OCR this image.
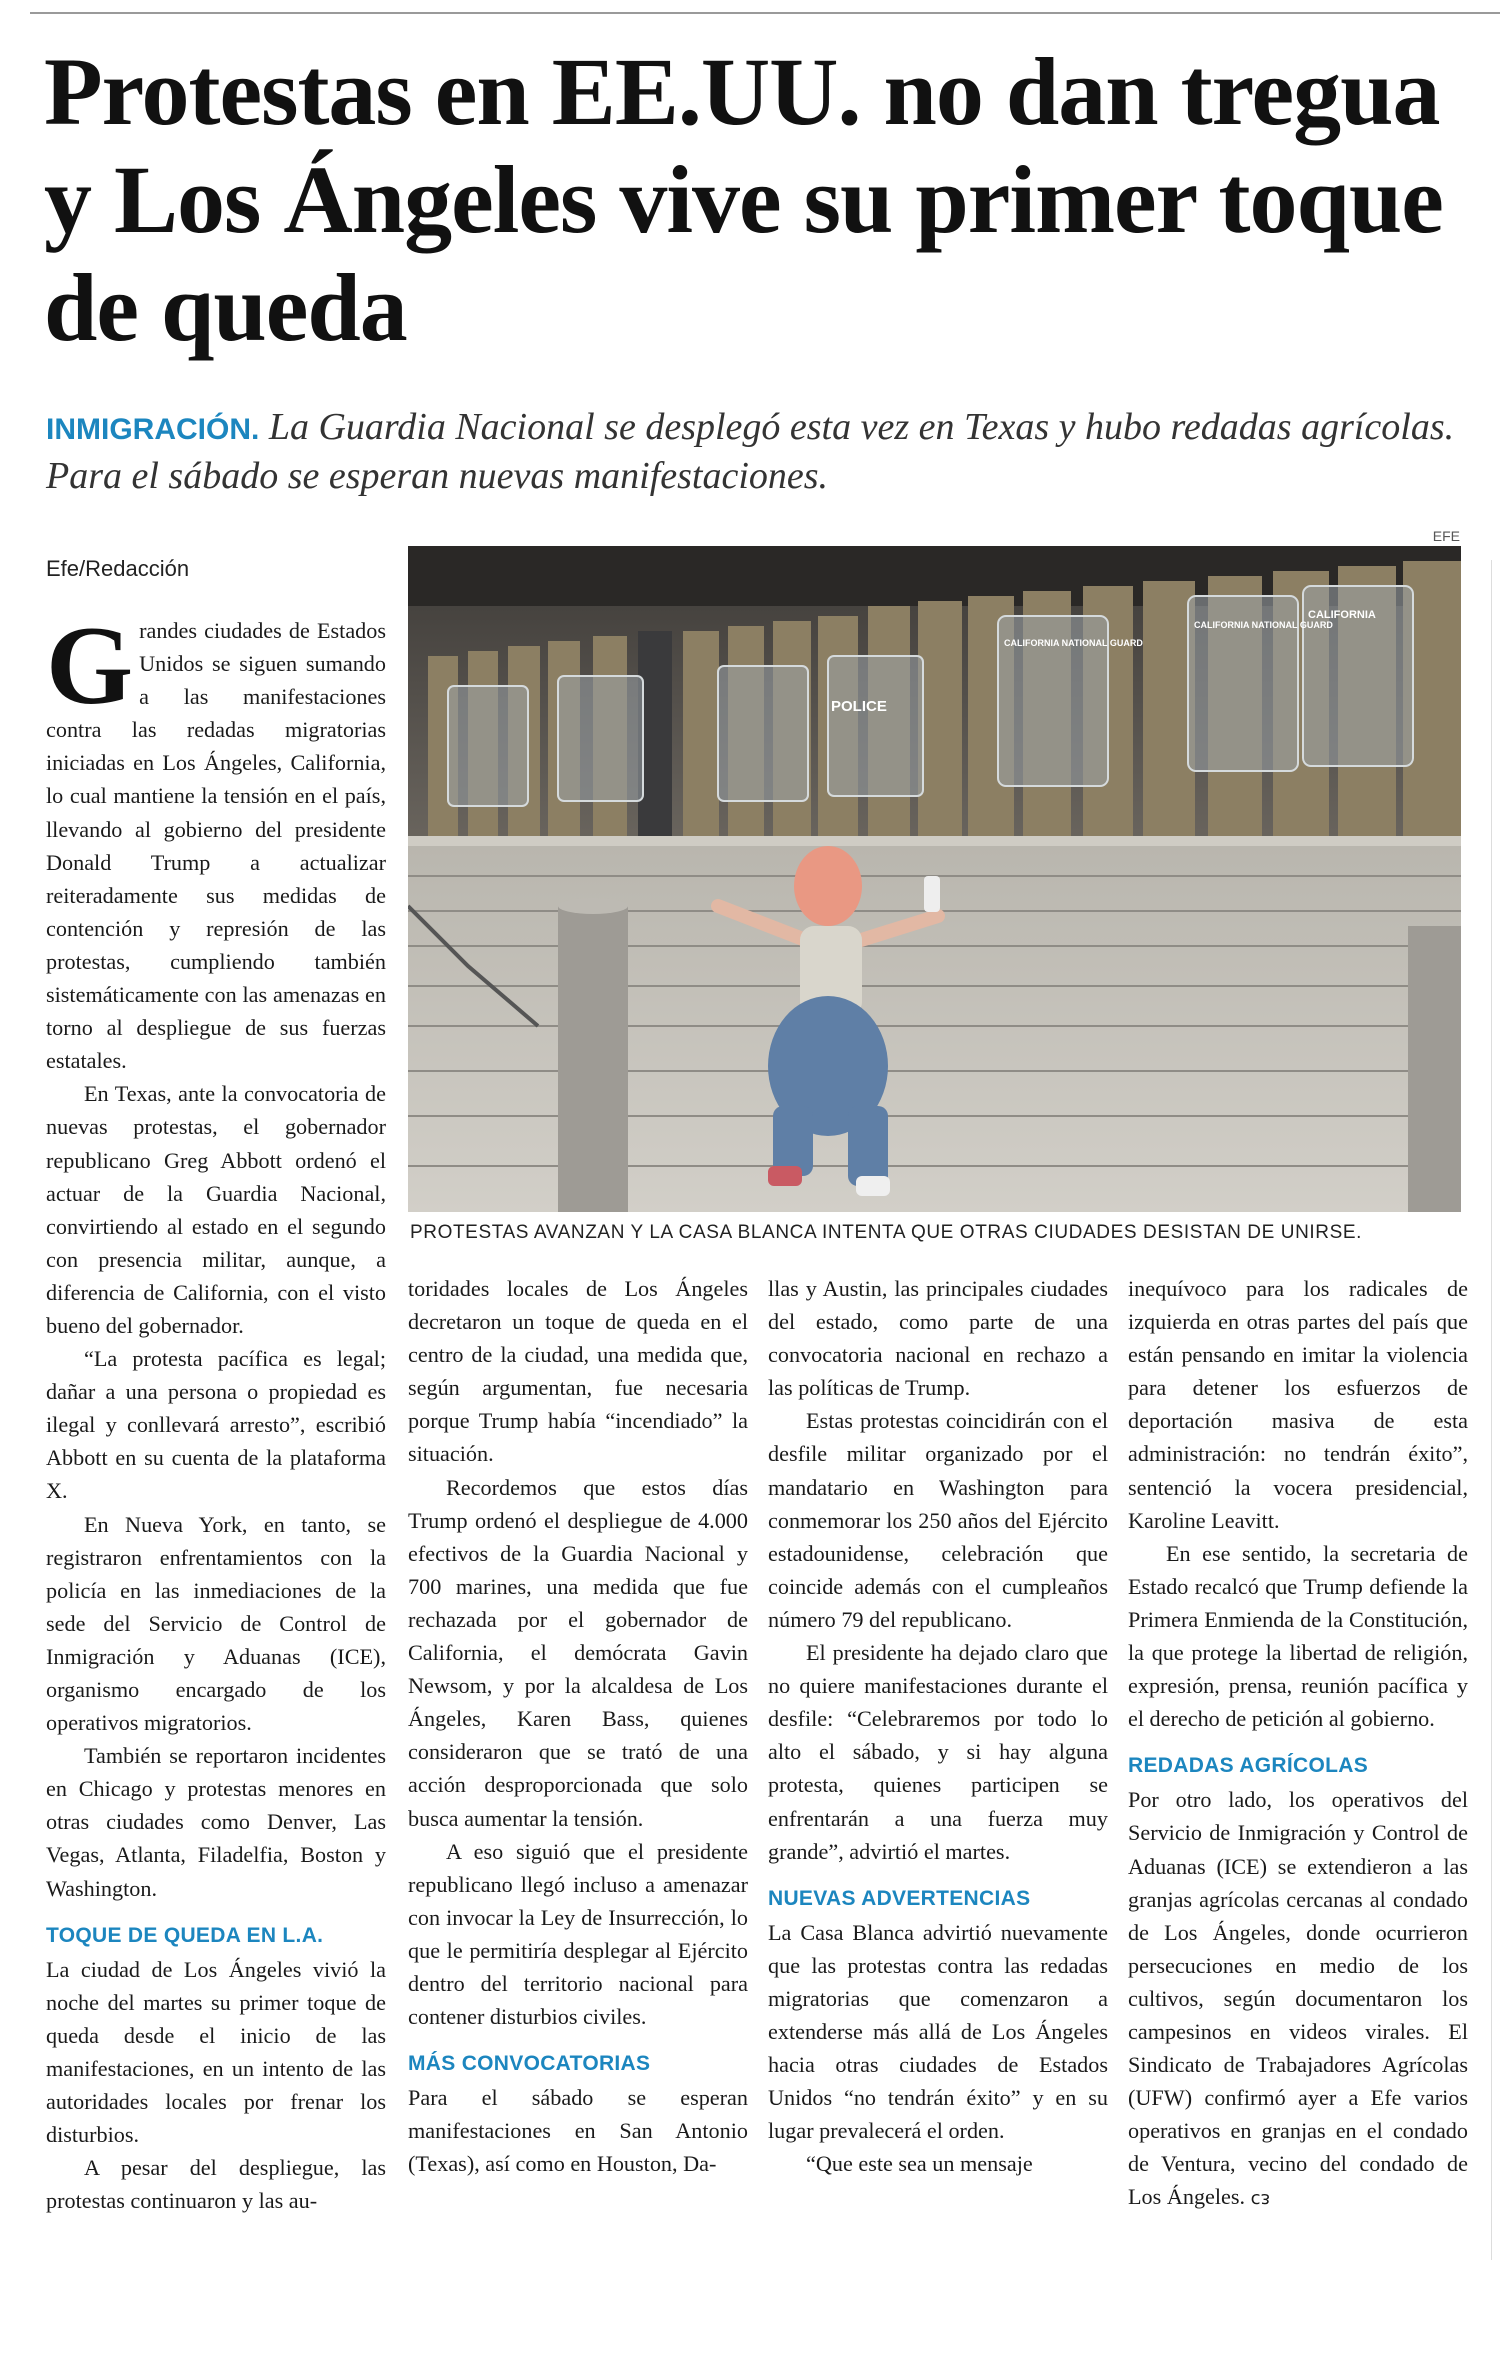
Protestas en EE.UU. no dan tregua y Los Ángeles vive su primer toque de queda
INMIGRACIÓN. La Guardia Nacional se desplegó esta vez en Texas y hubo redadas agrícolas. Para el sábado se esperan nuevas manifestaciones.
Efe/Redacción
EFE
POLICE
CALIFORNIA NATIONAL GUARD
CALIFORNIA NATIONAL GUARD
CALIFORNIA
PROTESTAS AVANZAN Y LA CASA BLANCA INTENTA QUE OTRAS CIUDADES DESISTAN DE UNIRSE.

Grandes ciudades de Estados Unidos se siguen sumando a las manifestaciones contra las redadas migratorias iniciadas en Los Ángeles, California, lo cual mantiene la tensión en el país, llevando al gobierno del presidente Donald Trump a actualizar reiteradamente sus medidas de contención y represión de las protestas, cumpliendo también sistemáticamente con las amenazas en torno al despliegue de sus fuerzas estatales.

En Texas, ante la convocatoria de nuevas protestas, el gobernador republicano Greg Abbott ordenó el actuar de la Guardia Nacional, convirtiendo al estado en el segundo con presencia militar, aunque, a diferencia de California, con el visto bueno del gobernador.

“La protesta pacífica es legal; dañar a una persona o propiedad es ilegal y conllevará arresto”, escribió Abbott en su cuenta de la plataforma X.

En Nueva York, en tanto, se registraron enfrentamientos con la policía en las inmediaciones de la sede del Servicio de Control de Inmigración y Aduanas (ICE), organismo encargado de los operativos migratorios.

También se reportaron incidentes en Chicago y protestas menores en otras ciudades como Denver, Las Vegas, Atlanta, Filadelfia, Boston y Washington.

TOQUE DE QUEDA EN L.A.

La ciudad de Los Ángeles vivió la noche del martes su primer toque de queda desde el inicio de las manifestaciones, en un intento de las autoridades locales por frenar los disturbios.

A pesar del despliegue, las protestas continuaron y las au-

toridades locales de Los Ángeles decretaron un toque de queda en el centro de la ciudad, una medida que, según argumentan, fue necesaria porque Trump había “incendiado” la situación.

Recordemos que estos días Trump ordenó el despliegue de 4.000 efectivos de la Guardia Nacional y 700 marines, una medida que fue rechazada por el gobernador de California, el demócrata Gavin Newsom, y por la alcaldesa de Los Ángeles, Karen Bass, quienes consideraron que se trató de una acción desproporcionada que solo busca aumentar la tensión.

A eso siguió que el presidente republicano llegó incluso a amenazar con invocar la Ley de Insurrección, lo que le permitiría desplegar al Ejército dentro del territorio nacional para contener disturbios civiles.

MÁS CONVOCATORIAS

Para el sábado se esperan manifestaciones en San Antonio (Texas), así como en Houston, Da-

llas y Austin, las principales ciudades del estado, como parte de una convocatoria nacional en rechazo a las políticas de Trump.

Estas protestas coincidirán con el desfile militar organizado por el mandatario en Washington para conmemorar los 250 años del Ejército estadounidense, celebración que coincide además con el cumpleaños número 79 del republicano.

El presidente ha dejado claro que no quiere manifestaciones durante el desfile: “Celebraremos por todo lo alto el sábado, y si hay alguna protesta, quienes participen se enfrentarán a una fuerza muy grande”, advirtió el martes.

NUEVAS ADVERTENCIAS

La Casa Blanca advirtió nuevamente que las protestas contra las redadas migratorias que comenzaron a extenderse más allá de Los Ángeles hacia otras ciudades de Estados Unidos “no tendrán éxito” y en su lugar prevalecerá el orden.

“Que este sea un mensaje

inequívoco para los radicales de izquierda en otras partes del país que están pensando en imitar la violencia para detener los esfuerzos de deportación masiva de esta administración: no tendrán éxito”, sentenció la vocera presidencial, Karoline Leavitt.

En ese sentido, la secretaria de Estado recalcó que Trump defiende la Primera Enmienda de la Constitución, la que protege la libertad de religión, expresión, prensa, reunión pacífica y el derecho de petición al gobierno.

REDADAS AGRÍCOLAS

Por otro lado, los operativos del Servicio de Inmigración y Control de Aduanas (ICE) se extendieron a las granjas agrícolas cercanas al condado de Los Ángeles, donde ocurrieron persecuciones en medio de los cultivos, según documentaron los campesinos en videos virales. El Sindicato de Trabajadores Agrícolas (UFW) confirmó ayer a Efe varios operativos en granjas en el condado de Ventura, vecino del condado de Los Ángeles. ᴄᴈ
